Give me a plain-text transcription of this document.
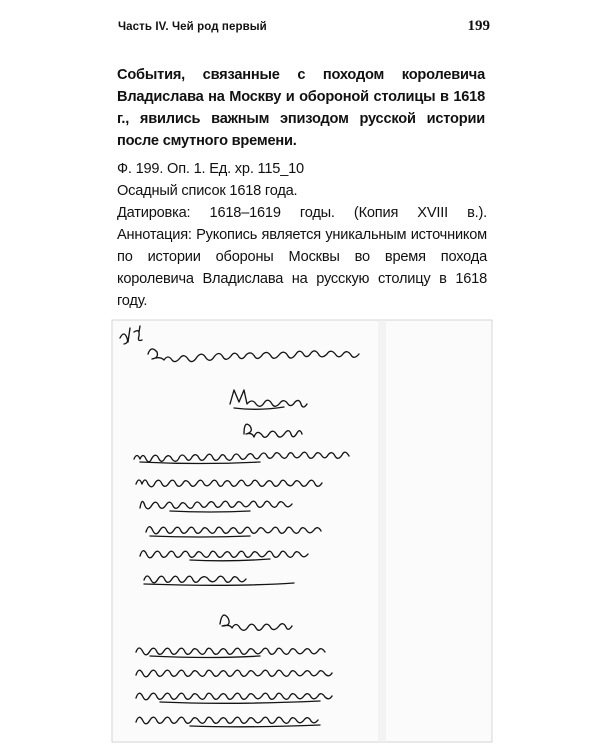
Часть IV. Чей род первый	199
События, связанные с походом королевича Владислава на Москву и обороной столицы в 1618 г., явились важным эпизодом русской истории после смутного времени.

Ф. 199. Оп. 1. Ед. хр. 115_10

Осадный список 1618 года.

Датировка: 1618–1619 годы. (Копия XVIII в.). Аннотация: Рукопись является уникальным источником по истории обороны Москвы во время похода королевича Владислава на русскую столицу в 1618 году.
